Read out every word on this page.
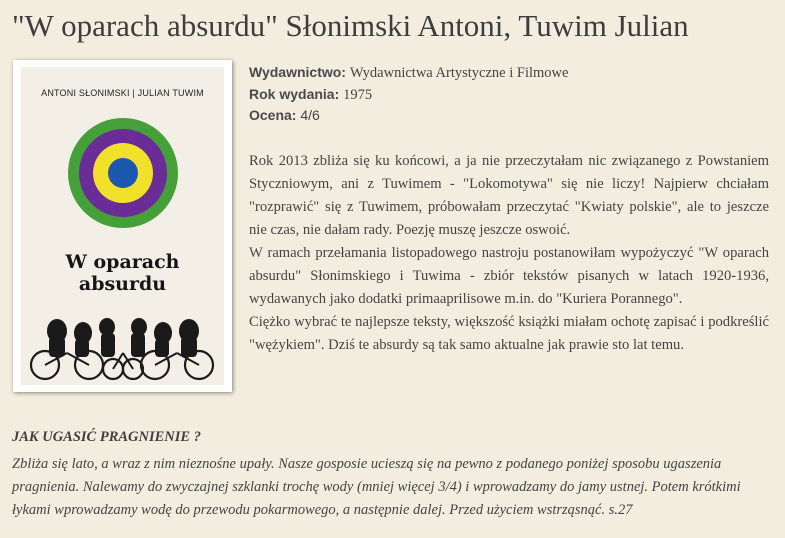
"W oparach absurdu" Słonimski Antoni, Tuwim Julian
ANTONI SŁONIMSKI | JULIAN TUWIM
W oparach
absurdu
Wydawnictwo: Wydawnictwa Artystyczne i Filmowe
Rok wydania: 1975
Ocena: 4/6

Rok 2013 zbliża się ku końcowi, a ja nie przeczytałam nic związanego z Powstaniem Styczniowym, ani z Tuwimem - "Lokomotywa" się nie liczy! Najpierw chciałam "rozprawić" się z Tuwimem, próbowałam przeczytać "Kwiaty polskie", ale to jeszcze nie czas, nie dałam rady. Poezję muszę jeszcze oswoić.

W ramach przełamania listopadowego nastroju postanowiłam wypożyczyć "W oparach absurdu" Słonimskiego i Tuwima - zbiór tekstów pisanych w latach 1920-1936, wydawanych jako dodatki primaaprilisowe m.in. do "Kuriera Porannego".

Ciężko wybrać te najlepsze teksty, większość książki miałam ochotę zapisać i podkreślić "wężykiem". Dziś te absurdy są tak samo aktualne jak prawie sto lat temu.

JAK UGASIĆ PRAGNIENIE ?
Zbliża się lato, a wraz z nim nieznośne upały. Nasze gosposie ucieszą się na pewno z podanego poniżej sposobu ugaszenia pragnienia. Nalewamy do zwyczajnej szklanki trochę wody (mniej więcej 3/4) i wprowadzamy do jamy ustnej. Potem krótkimi łykami wprowadzamy wodę do przewodu pokarmowego, a następnie dalej. Przed użyciem wstrząsnąć. s.27
